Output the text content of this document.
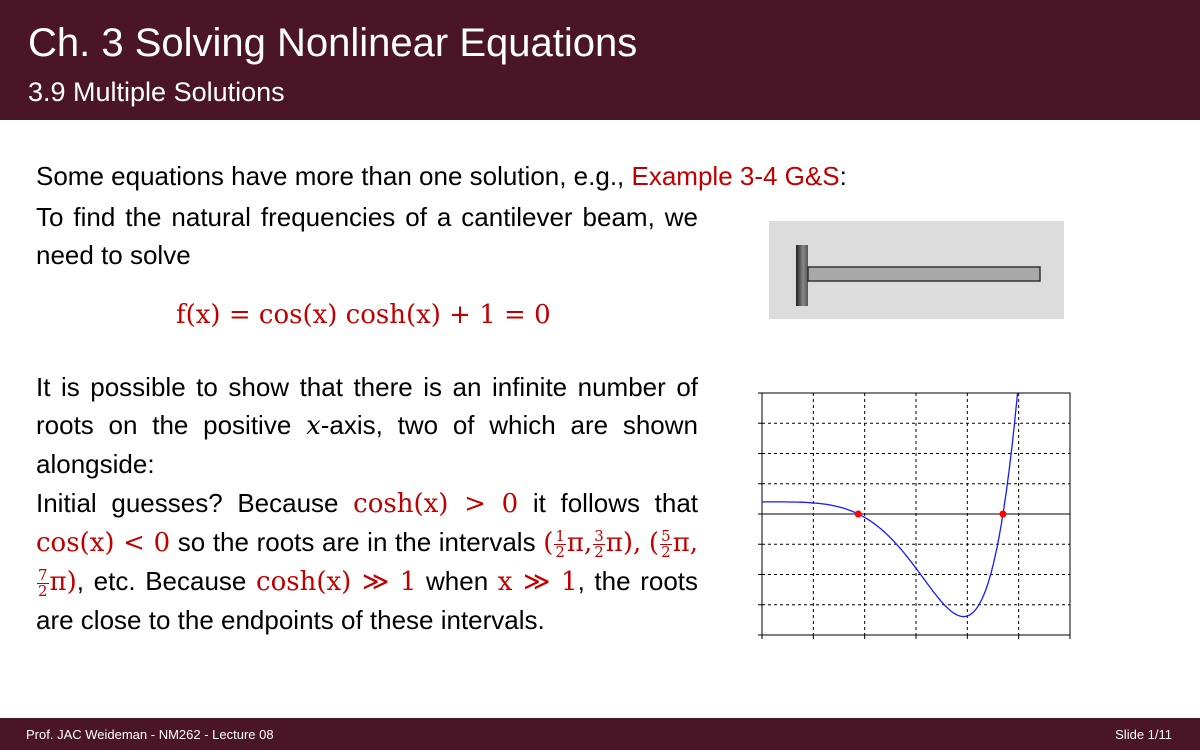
Ch. 3 Solving Nonlinear Equations
3.9 Multiple Solutions
Some equations have more than one solution, e.g., Example 3-4 G&S:
To find the natural frequencies of a cantilever beam, we need to solve
f(x) = cos(x) cosh(x) + 1 = 0
It is possible to show that there is an infinite number of roots on the positive x-axis, two of which are shown alongside:
Initial guesses? Because cosh(x) > 0 it follows that cos(x) < 0 so the roots are in the intervals ( $\frac{1}{2} \pi$, $\frac{3}{2} \pi$), ( $\frac{5}{2} \pi$,
$\frac{7}{2} \pi$), etc. Because cosh(x) ≫ 1 when x ≫ 1, the roots are close to the endpoints of these intervals.
Prof. JAC Weideman - NM262 - Lecture 08	Slide 1/11
